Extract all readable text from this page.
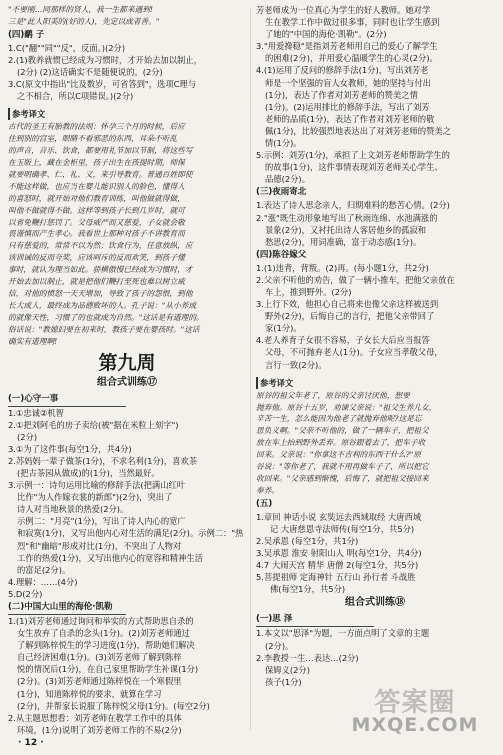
"不要刚…同那样的贤人，我一生都来遇到!
三是"此人阳美的(好的人)，先定以成者善。"
(四)鹬 子
1.C("翻""同""反"，反面。)(2分)
2.(1)教养就惯已经成为习惯时，才开始去加以制止，
(2分) (2)这话确实不是随便说的。(2分)
3.C(原文中指出"比及数岁，可省答到"，选项C理与
之不相合，所以C项错误。)(2分)
参考译文
古代的圣王有胎教的法则：怀孕三个月的时候，后应
住到别的宫室，眼睛不看邪恶的东西，耳朵不听乱
的声音，音乐、饮食，都要用礼节加以节制，将这些写
在玉版上，藏在金柜里，孩子出生在孩提时期，师保
就要明确孝、仁、礼、义，来引导教育。普通百姓即使
不能这样做，也应当在婴儿能识别人的脸色，懂得人
的喜怒时，就开始对他们教育训练，叫他做就得做，
叫他不做就得不做。这样等到孩子长到几岁时，就可
以省免鞭打惩罚了。父母威严而又慈爱，子女就会敬
畏谨慎而产生孝心。我看世上那种对孩子不讲教育而
只有慈爱的，常常不以为然；饮食行为，任意放纵，应
该训诫的反而夸奖，应该呵斥的反而欢笑，到孩子懂
事时，就认为理当如此。骄横傲慢已经成为习惯时，才
开始去加以制止，就是把他们鞭打至死也难以树立威
信，对他的愤怒一天天增加，导致了孩子的怨恨，到他
长大成人，最终成为品德败坏的人。孔子说："从小养成
的就像天性，习惯了的也就成为自然。"这话是有道理的。
俗话说："教媳妇要在初来时，教孩子要在婴孩时。"这话
确实有道理啊!
第九周
组合式训练⑰
(一)心守一事
1.①忠诚②机智
2.①把刘阿毛的房子卖给(被"据在米粒上刻字")
(2分)
3.①为了这件事(每空1分，共4分)
2.苏妈妈一辈子做茶(1分)，不求名利(1分)，喜欢茶
(把古茶园从做成)的(1分)，当然最好。
3.示例一：诗句运用比喻的修辞手法(把满山红叶
比作"为人作嫁衣裳的新郎")(2分)，突出了
诗人对当地秋景的热爱(2分)。
示例二："月亮"(1分)，写出了诗人内心的宽广
和寂寞(1分)，又写出他内心对生活的满足(2分)。示例二："热
烈"和"幽暗"形成对比(1分)，不突出了人物对
工作的热爱(1分)，又写出他内心的宽容和精神生活
的富足(2分)。
4.理解：……(4分)
5.D(2分)
(二)中国大山里的海伦·凯勒
1.(1)刘芳老师通过询问和举实的方式帮助思自杀的
女生放弃了自杀的念头(1分)。(2)刘芳老师通过
了解到陈梓悦生的学习进度(1分)，帮助她们解决
自己经济困难(1分)。(3)刘芳老师了解到陈梓
悦的情况后(1分)，在自己家里帮助学生补课(1分)
(2分)。(3)刘芳老师通过陈梓悦在一个寒假里
(1分)，知道陈梓悦的要求，就算在学习
(2分)，并帮家长说服了陈梓悦父母(1分)。(每空2分)
2.从主题思想看：刘芳老师在教学工作中的具体
环境，(1分)说明了刘芳老师工作的不易(2分)
芳老师成为一位真心为学生的好人教师。她对学
生在教学工作中做过很多事，同时也让学生感到
了她的"中国的海伦·凯勒"。(2分)
3."用爱搀稳"是指刘芳老师用自己的爱心了解学生
的困难(2分)，并用爱心温暖学生的心灵(2分)。
4.(1)运用了反问的修辞手法(1分)，写出刘芳老
师是一个坚强的盲人女教师，她的坚持与付出
(1分)，表达了作者对刘芳老师的赞美之情
(1分)。(2)运用排比的修辞手法，写出了刘芳
老师的品质(1分)，表达了作者对刘芳老师的敬
佩(1分)，比较强烈地表达出了对刘芳老师的赞美之
情(1分)。
5.示例：刘芳(1分)，承担了上文刘芳老师帮助学生的
的故事(1分)，这件事情表现刘芳老师关心学生、
品德(2分)。
(三)夜雨寄北
1.表达了诗人思念亲人，归期难料的愁苦心情。(2分)
2."涨"既生动形象地写出了秋雨连绵、水池满涨的
景象(2分)，又衬托出诗人客居他乡的孤寂和
愁思(2分)，用词准确，富于动态感(1分)。
(四)陈谷嫁父
1.(1)违背，背叛。(2)再。(每小题1分，共2分)
2.父亲不听他的劝告，做了一辆小推车，把他父亲放在
车上，推到野外。(2分)
3.上行下效，他担心自己将来也像父亲这样被送到
野外(2分)，后悔自己的言行，把他父亲带回了
家(1分)。
4.老人养育子女很不容易，子女长大后应当报答
父母，不可抛弃老人(1分)。子女应当孝敬父母，
言行一致(2分)。
参考译文
原谷的祖父年老了，原谷的父亲讨厌他，想要
抛弃他。原谷十五岁，劝谏父亲说："祖父生养儿女，
辛苦一生，怎么能因为他老了就抛弃他呢?这是忘
恩负义啊。"父亲不听他的，做了一辆车子，把祖父
放在车上抬到野外丢弃。原谷跟着去了，把车子收
回来。父亲说："你拿这不吉利的东西干什么?"原
谷说："等你老了，我就不用再做车子了，所以把它
收回来。"父亲感到惭愧，后悔了，就把祖父接回来
奉养。
(五)
1.章回 神话小说 玄奘远去西域取经 大唐西域
记 大唐慈恩寺法师传(每空1分，共5分)
2.吴承恩 (每空1分，共1分)
3.吴承恩 淮安 射阳山人 明(每空1分，共4分)
4.7 大闹天宫 精华 唐僧 2(每空1分，共5分)
5.菩提祖师 定海神针 五行山 孙行者 斗战胜
佛(每空1分，共5分)
组合式训练⑱
(一)思 泽
1.本文以"思泽"为题，一方面点明了文章的主题
(2分)。
2.李教授一生…表达…(2分)
保姆义(2分)
孩子(1分)
· 12 ·
答案圈
MXQE.COM
